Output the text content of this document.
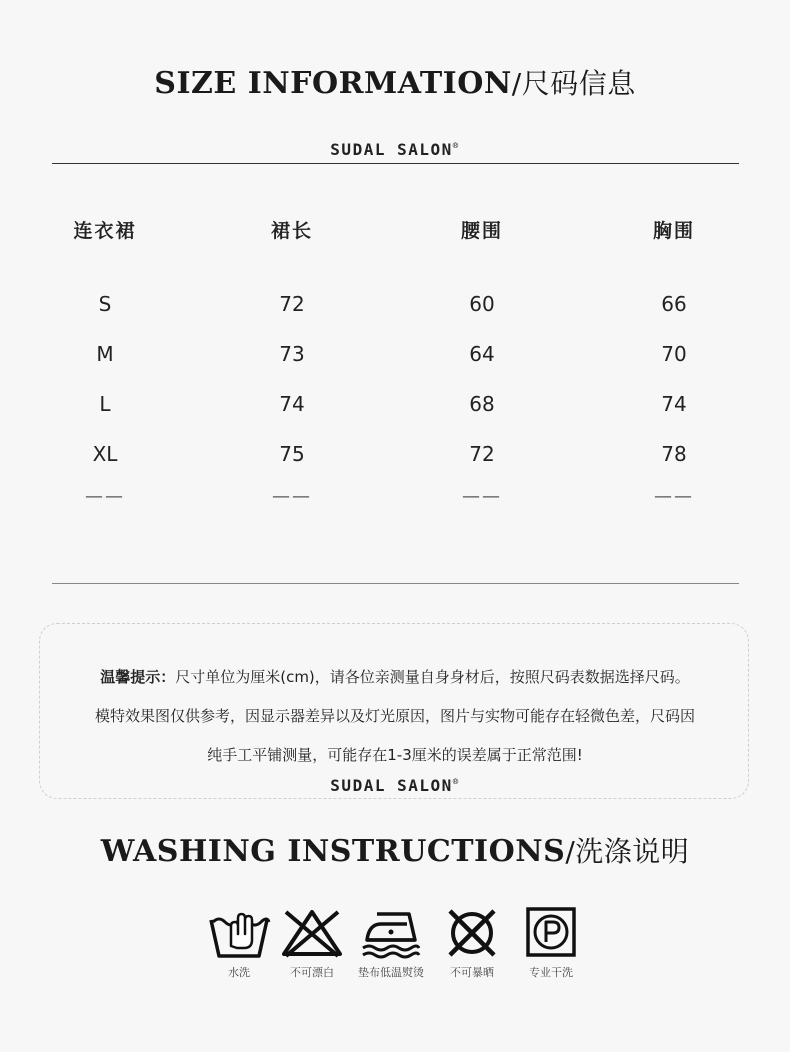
SIZE INFORMATION/尺码信息
SUDAL SALON®
连衣裙	裙长	腰围	胸围
S	72	60	66
M	73	64	70
L	74	68	74
XL	75	72	78
——	——	——	——
温馨提示：尺寸单位为厘米(cm)，请各位亲测量自身身材后，按照尺码表数据选择尺码。
模特效果图仅供参考，因显示器差异以及灯光原因，图片与实物可能存在轻微色差，尺码因
纯手工平铺测量，可能存在1-3厘米的误差属于正常范围!
SUDAL SALON®
WASHING INSTRUCTIONS/洗涤说明
水洗	不可漂白	垫布低温熨烫	不可暴晒	专业干洗
